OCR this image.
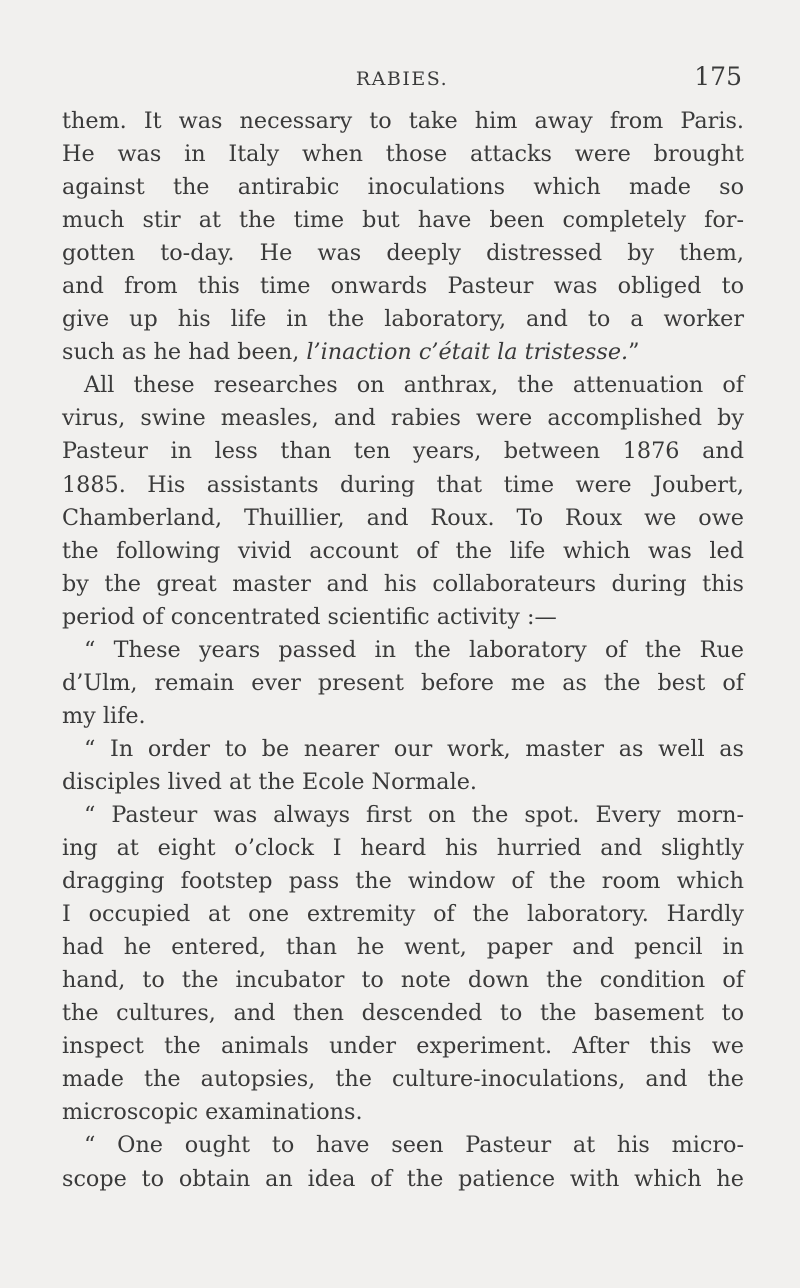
RABIES.	175
them. It was necessary to take him away from Paris.
He was in Italy when those attacks were brought
against the antirabic inoculations which made so
much stir at the time but have been completely for-
gotten to-day. He was deeply distressed by them,
and from this time onwards Pasteur was obliged to
give up his life in the laboratory, and to a worker
such as he had been, l’inaction c’était la tristesse.”
All these researches on anthrax, the attenuation of
virus, swine measles, and rabies were accomplished by
Pasteur in less than ten years, between 1876 and
1885. His assistants during that time were Joubert,
Chamberland, Thuillier, and Roux. To Roux we owe
the following vivid account of the life which was led
by the great master and his collaborateurs during this
period of concentrated scientific activity :—
“ These years passed in the laboratory of the Rue
d’Ulm, remain ever present before me as the best of
my life.
“ In order to be nearer our work, master as well as
disciples lived at the Ecole Normale.
“ Pasteur was always first on the spot. Every morn-
ing at eight o’clock I heard his hurried and slightly
dragging footstep pass the window of the room which
I occupied at one extremity of the laboratory. Hardly
had he entered, than he went, paper and pencil in
hand, to the incubator to note down the condition of
the cultures, and then descended to the basement to
inspect the animals under experiment. After this we
made the autopsies, the culture-inoculations, and the
microscopic examinations.
“ One ought to have seen Pasteur at his micro-
scope to obtain an idea of the patience with which he
